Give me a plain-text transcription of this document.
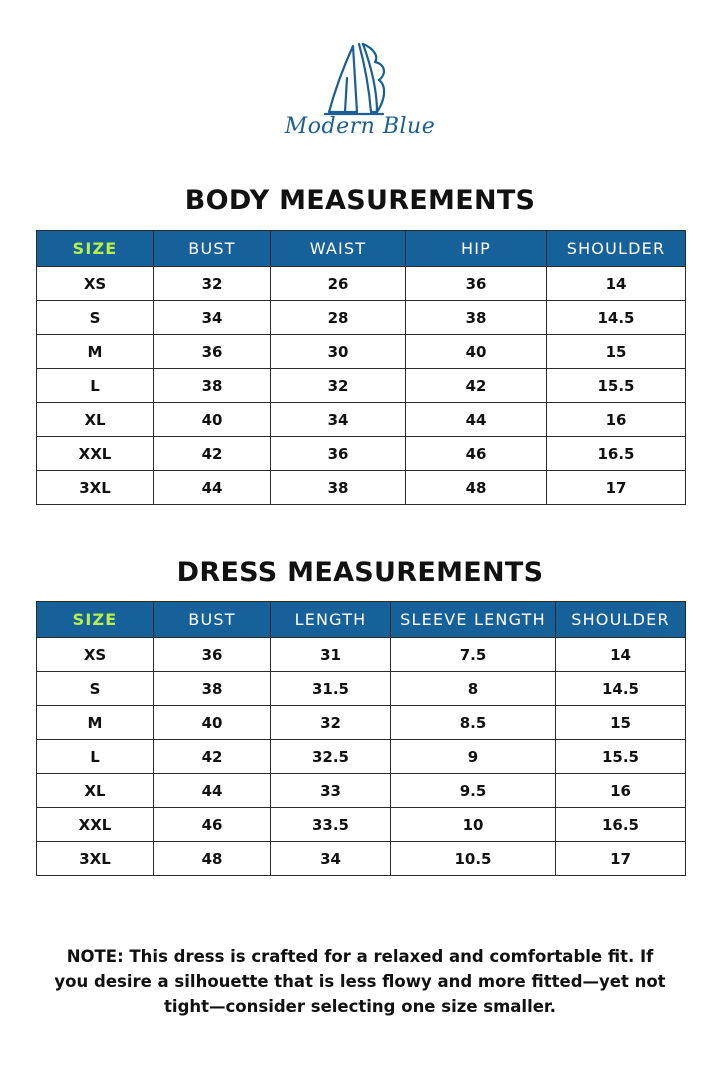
Modern Blue
BODY MEASUREMENTS
SIZE	BUST	WAIST	HIP	SHOULDER
XS	32	26	36	14
S	34	28	38	14.5
M	36	30	40	15
L	38	32	42	15.5
XL	40	34	44	16
XXL	42	36	46	16.5
3XL	44	38	48	17
DRESS MEASUREMENTS
SIZE	BUST	LENGTH	SLEEVE LENGTH	SHOULDER
XS	36	31	7.5	14
S	38	31.5	8	14.5
M	40	32	8.5	15
L	42	32.5	9	15.5
XL	44	33	9.5	16
XXL	46	33.5	10	16.5
3XL	48	34	10.5	17
NOTE: This dress is crafted for a relaxed and comfortable fit. If you desire a silhouette that is less flowy and more fitted—yet not tight—consider selecting one size smaller.
